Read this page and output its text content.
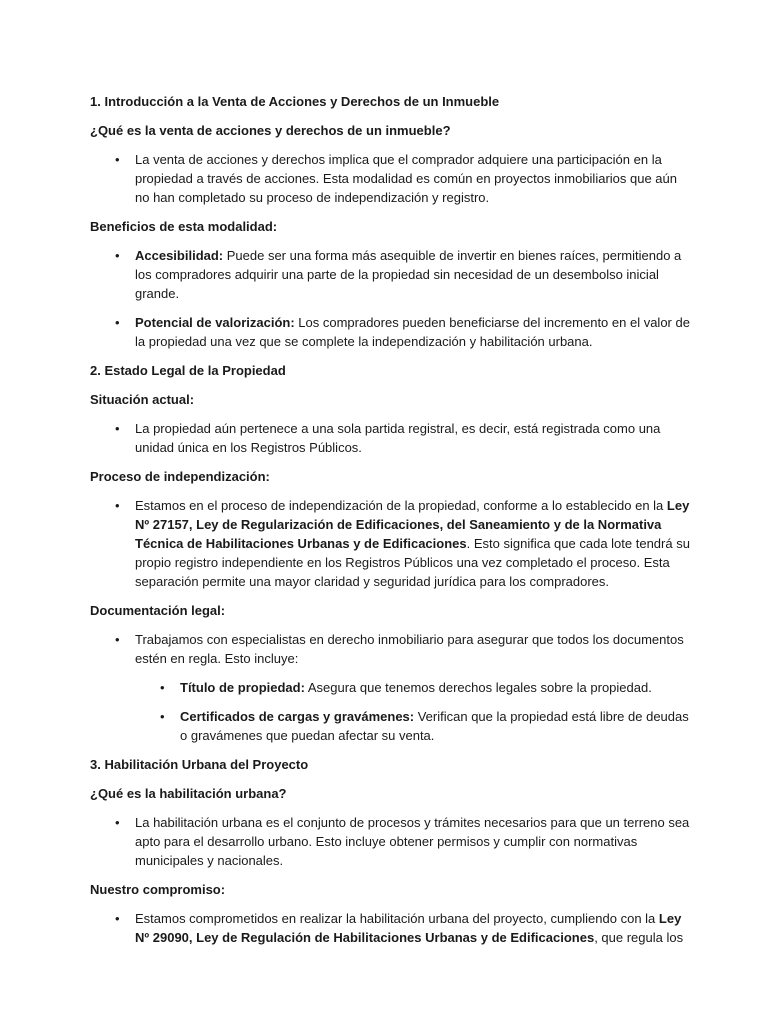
1. Introducción a la Venta de Acciones y Derechos de un Inmueble

¿Qué es la venta de acciones y derechos de un inmueble?

• La venta de acciones y derechos implica que el comprador adquiere una participación en la propiedad a través de acciones. Esta modalidad es común en proyectos inmobiliarios que aún no han completado su proceso de independización y registro.

Beneficios de esta modalidad:

• Accesibilidad: Puede ser una forma más asequible de invertir en bienes raíces, permitiendo a los compradores adquirir una parte de la propiedad sin necesidad de un desembolso inicial grande.
• Potencial de valorización: Los compradores pueden beneficiarse del incremento en el valor de la propiedad una vez que se complete la independización y habilitación urbana.

2. Estado Legal de la Propiedad

Situación actual:

• La propiedad aún pertenece a una sola partida registral, es decir, está registrada como una unidad única en los Registros Públicos.

Proceso de independización:

• Estamos en el proceso de independización de la propiedad, conforme a lo establecido en la Ley Nº 27157, Ley de Regularización de Edificaciones, del Saneamiento y de la Normativa Técnica de Habilitaciones Urbanas y de Edificaciones. Esto significa que cada lote tendrá su propio registro independiente en los Registros Públicos una vez completado el proceso. Esta separación permite una mayor claridad y seguridad jurídica para los compradores.

Documentación legal:

• Trabajamos con especialistas en derecho inmobiliario para asegurar que todos los documentos estén en regla. Esto incluye:
• Título de propiedad: Asegura que tenemos derechos legales sobre la propiedad.
• Certificados de cargas y gravámenes: Verifican que la propiedad está libre de deudas o gravámenes que puedan afectar su venta.

3. Habilitación Urbana del Proyecto

¿Qué es la habilitación urbana?

• La habilitación urbana es el conjunto de procesos y trámites necesarios para que un terreno sea apto para el desarrollo urbano. Esto incluye obtener permisos y cumplir con normativas municipales y nacionales.

Nuestro compromiso:

• Estamos comprometidos en realizar la habilitación urbana del proyecto, cumpliendo con la Ley Nº 29090, Ley de Regulación de Habilitaciones Urbanas y de Edificaciones, que regula los
